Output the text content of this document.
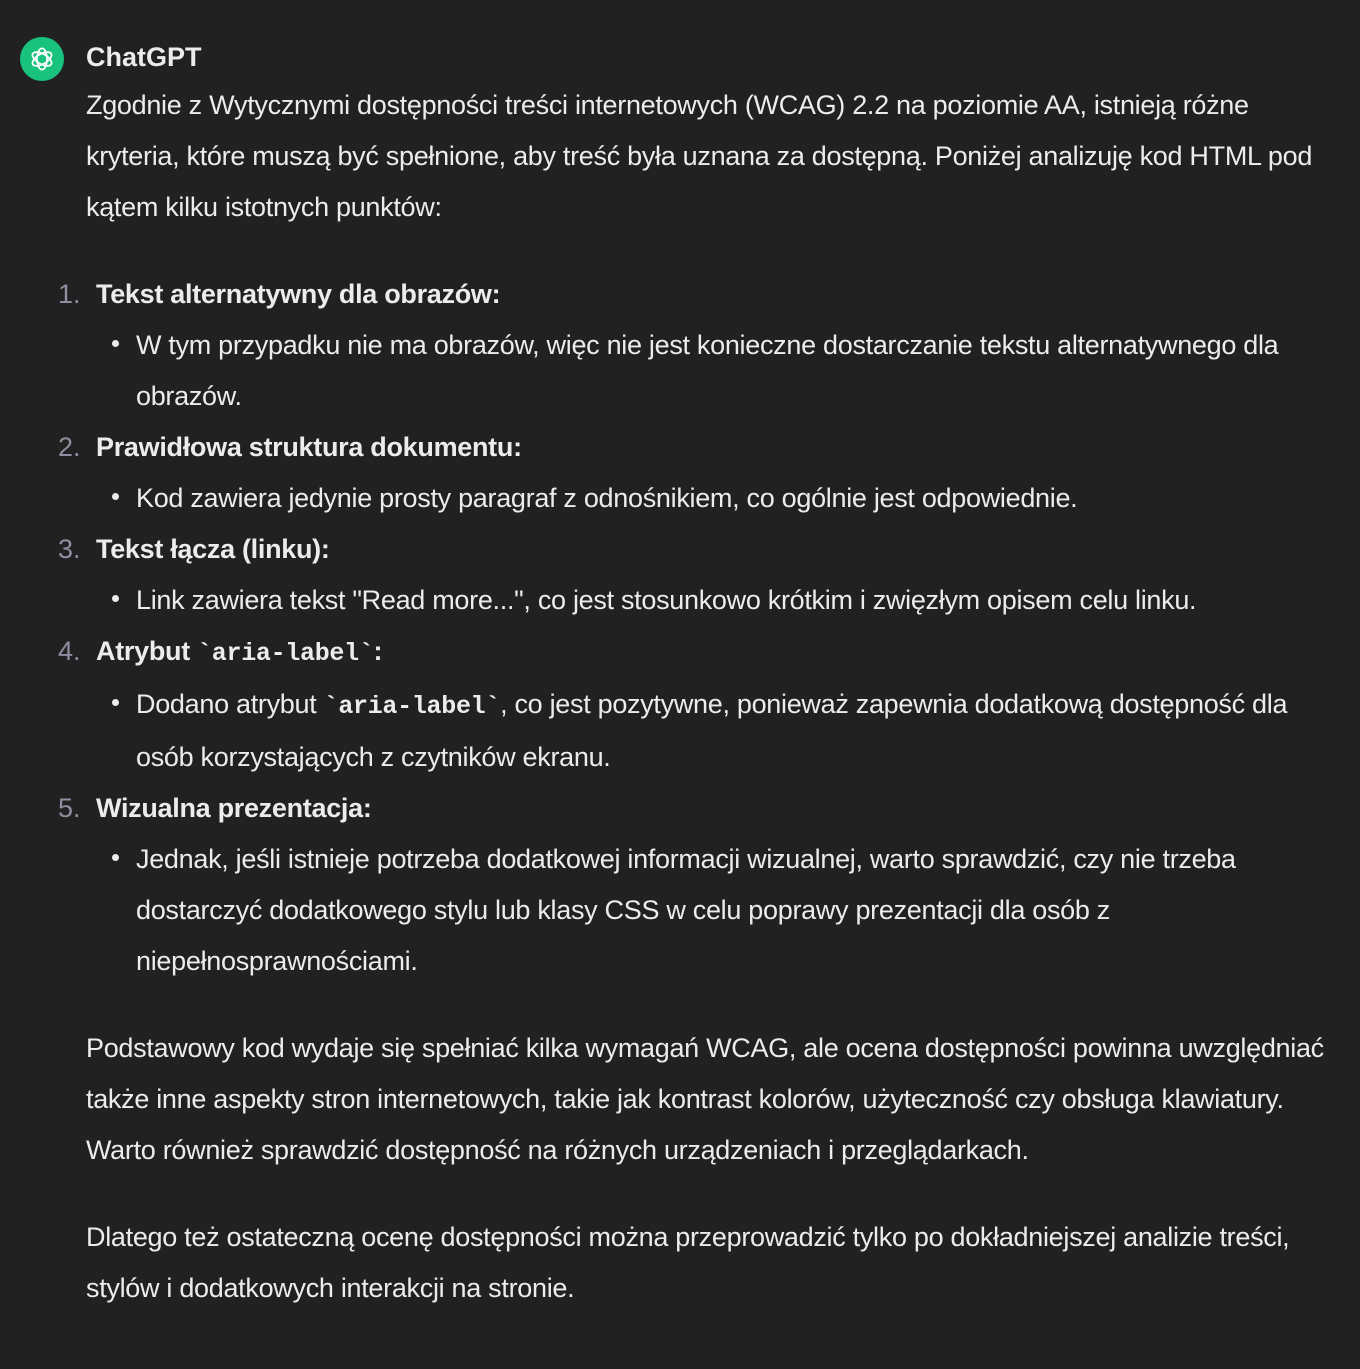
ChatGPT

Zgodnie z Wytycznymi dostępności treści internetowych (WCAG) 2.2 na poziomie AA, istnieją różne kryteria, które muszą być spełnione, aby treść była uznana za dostępną. Poniżej analizuję kod HTML pod kątem kilku istotnych punktów:

1. Tekst alternatywny dla obrazów:
W tym przypadku nie ma obrazów, więc nie jest konieczne dostarczanie tekstu alternatywnego dla obrazów.
2. Prawidłowa struktura dokumentu:
Kod zawiera jedynie prosty paragraf z odnośnikiem, co ogólnie jest odpowiednie.
3. Tekst łącza (linku):
Link zawiera tekst "Read more...", co jest stosunkowo krótkim i zwięzłym opisem celu linku.
4. Atrybut `aria-label`:
Dodano atrybut `aria-label`, co jest pozytywne, ponieważ zapewnia dodatkową dostępność dla osób korzystających z czytników ekranu.
5. Wizualna prezentacja:
Jednak, jeśli istnieje potrzeba dodatkowej informacji wizualnej, warto sprawdzić, czy nie trzeba dostarczyć dodatkowego stylu lub klasy CSS w celu poprawy prezentacji dla osób z niepełnosprawnościami.

Podstawowy kod wydaje się spełniać kilka wymagań WCAG, ale ocena dostępności powinna uwzględniać także inne aspekty stron internetowych, takie jak kontrast kolorów, użyteczność czy obsługa klawiatury. Warto również sprawdzić dostępność na różnych urządzeniach i przeglądarkach.

Dlatego też ostateczną ocenę dostępności można przeprowadzić tylko po dokładniejszej analizie treści, stylów i dodatkowych interakcji na stronie.
